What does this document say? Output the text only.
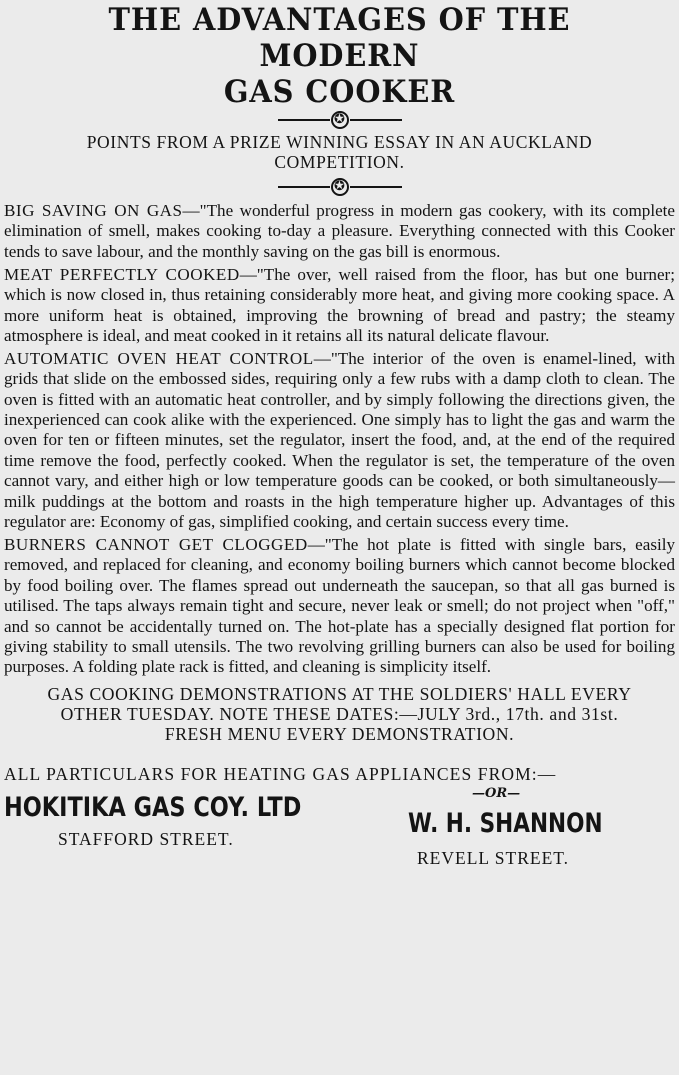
THE ADVANTAGES OF THE MODERN
GAS COOKER
✪
POINTS FROM A PRIZE WINNING ESSAY IN AN AUCKLAND
COMPETITION.
✪

BIG SAVING ON GAS—"The wonderful progress in modern gas cookery, with its complete elimination of smell, makes cooking to-day a pleasure. Everything connected with this Cooker tends to save labour, and the monthly saving on the gas bill is enormous.

MEAT PERFECTLY COOKED—"The over, well raised from the floor, has but one burner; which is now closed in, thus retaining considerably more heat, and giving more cooking space. A more uniform heat is obtained, improving the browning of bread and pastry; the steamy atmosphere is ideal, and meat cooked in it retains all its natural delicate flavour.

AUTOMATIC OVEN HEAT CONTROL—"The interior of the oven is enamel-lined, with grids that slide on the embossed sides, requiring only a few rubs with a damp cloth to clean. The oven is fitted with an automatic heat controller, and by simply following the directions given, the inexperienced can cook alike with the experienced. One simply has to light the gas and warm the oven for ten or fifteen minutes, set the regulator, insert the food, and, at the end of the required time remove the food, perfectly cooked. When the regulator is set, the temperature of the oven cannot vary, and either high or low temperature goods can be cooked, or both simultaneously—milk puddings at the bottom and roasts in the high temperature higher up. Advantages of this regulator are: Economy of gas, simplified cooking, and certain success every time.

BURNERS CANNOT GET CLOGGED—"The hot plate is fitted with single bars, easily removed, and replaced for cleaning, and economy boiling burners which cannot become blocked by food boiling over. The flames spread out underneath the saucepan, so that all gas burned is utilised. The taps always remain tight and secure, never leak or smell; do not project when "off," and so cannot be accidentally turned on. The hot-plate has a specially designed flat portion for giving stability to small utensils. The two revolving grilling burners can also be used for boiling purposes. A folding plate rack is fitted, and cleaning is simplicity itself.

GAS COOKING DEMONSTRATIONS AT THE SOLDIERS' HALL EVERY
OTHER TUESDAY. NOTE THESE DATES:—JULY 3rd., 17th. and 31st.
FRESH MENU EVERY DEMONSTRATION.
ALL PARTICULARS FOR HEATING GAS APPLIANCES FROM:—
HOKITIKA GAS COY. LTD
STAFFORD STREET.
—OR—
W. H. SHANNON
REVELL STREET.
